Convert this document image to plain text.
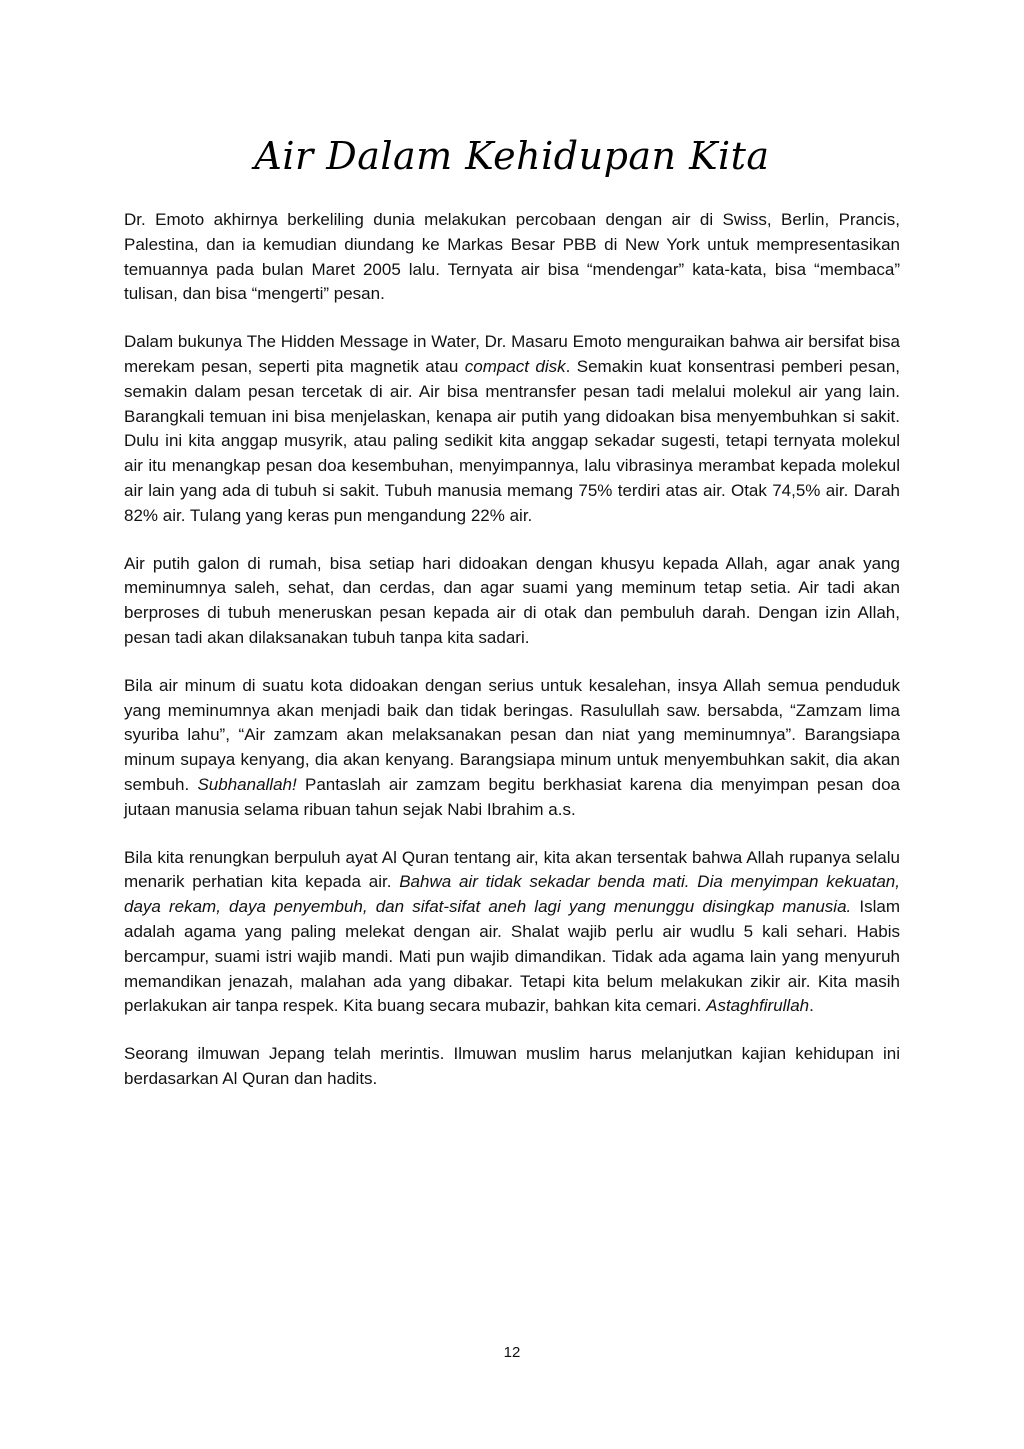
Air Dalam Kehidupan Kita

Dr. Emoto akhirnya berkeliling dunia melakukan percobaan dengan air di Swiss, Berlin, Prancis, Palestina, dan ia kemudian diundang ke Markas Besar PBB di New York untuk mempresentasikan temuannya pada bulan Maret 2005 lalu. Ternyata air bisa “mendengar” kata-kata, bisa “membaca” tulisan, dan bisa “mengerti” pesan.

Dalam bukunya The Hidden Message in Water, Dr. Masaru Emoto menguraikan bahwa air bersifat bisa merekam pesan, seperti pita magnetik atau compact disk. Semakin kuat konsentrasi pemberi pesan, semakin dalam pesan tercetak di air. Air bisa mentransfer pesan tadi melalui molekul air yang lain. Barangkali temuan ini bisa menjelaskan, kenapa air putih yang didoakan bisa menyembuhkan si sakit. Dulu ini kita anggap musyrik, atau paling sedikit kita anggap sekadar sugesti, tetapi ternyata molekul air itu menangkap pesan doa kesembuhan, menyimpannya, lalu vibrasinya merambat kepada molekul air lain yang ada di tubuh si sakit. Tubuh manusia memang 75% terdiri atas air. Otak 74,5% air. Darah 82% air. Tulang yang keras pun mengandung 22% air.

Air putih galon di rumah, bisa setiap hari didoakan dengan khusyu kepada Allah, agar anak yang meminumnya saleh, sehat, dan cerdas, dan agar suami yang meminum tetap setia. Air tadi akan berproses di tubuh meneruskan pesan kepada air di otak dan pembuluh darah. Dengan izin Allah, pesan tadi akan dilaksanakan tubuh tanpa kita sadari.

Bila air minum di suatu kota didoakan dengan serius untuk kesalehan, insya Allah semua penduduk yang meminumnya akan menjadi baik dan tidak beringas. Rasulullah saw. bersabda, “Zamzam lima syuriba lahu”, “Air zamzam akan melaksanakan pesan dan niat yang meminumnya”. Barangsiapa minum supaya kenyang, dia akan kenyang. Barangsiapa minum untuk menyembuhkan sakit, dia akan sembuh. Subhanallah! Pantaslah air zamzam begitu berkhasiat karena dia menyimpan pesan doa jutaan manusia selama ribuan tahun sejak Nabi Ibrahim a.s.

Bila kita renungkan berpuluh ayat Al Quran tentang air, kita akan tersentak bahwa Allah rupanya selalu menarik perhatian kita kepada air. Bahwa air tidak sekadar benda mati. Dia menyimpan kekuatan, daya rekam, daya penyembuh, dan sifat-sifat aneh lagi yang menunggu disingkap manusia. Islam adalah agama yang paling melekat dengan air. Shalat wajib perlu air wudlu 5 kali sehari. Habis bercampur, suami istri wajib mandi. Mati pun wajib dimandikan. Tidak ada agama lain yang menyuruh memandikan jenazah, malahan ada yang dibakar. Tetapi kita belum melakukan zikir air. Kita masih perlakukan air tanpa respek. Kita buang secara mubazir, bahkan kita cemari. Astaghfirullah.

Seorang ilmuwan Jepang telah merintis. Ilmuwan muslim harus melanjutkan kajian kehidupan ini berdasarkan Al Quran dan hadits.

12
